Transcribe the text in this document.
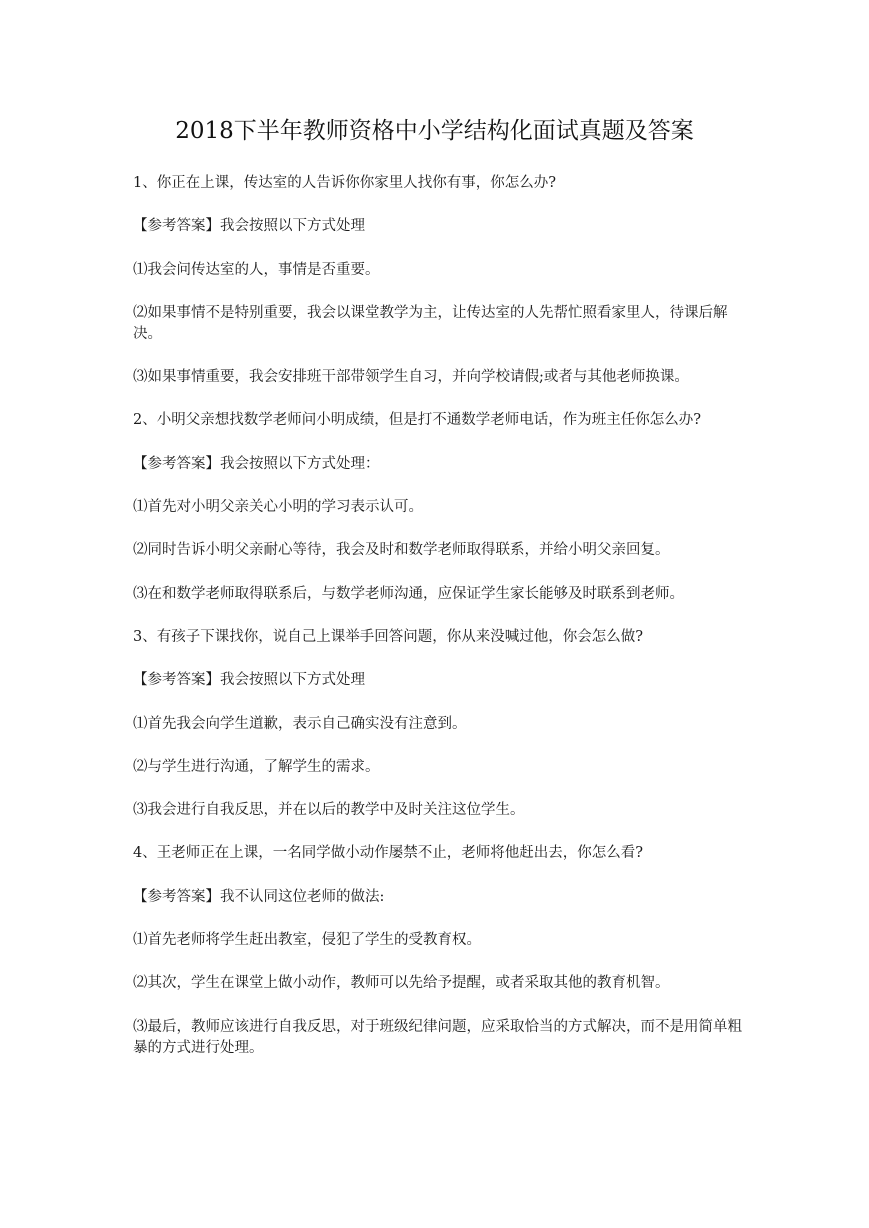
2018下半年教师资格中小学结构化面试真题及答案

1、你正在上课，传达室的人告诉你你家里人找你有事，你怎么办?

【参考答案】我会按照以下方式处理

⑴我会问传达室的人，事情是否重要。

⑵如果事情不是特别重要，我会以课堂教学为主，让传达室的人先帮忙照看家里人，待课后解决。

⑶如果事情重要，我会安排班干部带领学生自习，并向学校请假;或者与其他老师换课。

2、小明父亲想找数学老师问小明成绩，但是打不通数学老师电话，作为班主任你怎么办?

【参考答案】我会按照以下方式处理：

⑴首先对小明父亲关心小明的学习表示认可。

⑵同时告诉小明父亲耐心等待，我会及时和数学老师取得联系，并给小明父亲回复。

⑶在和数学老师取得联系后，与数学老师沟通，应保证学生家长能够及时联系到老师。

3、有孩子下课找你，说自己上课举手回答问题，你从来没喊过他，你会怎么做?

【参考答案】我会按照以下方式处理

⑴首先我会向学生道歉，表示自己确实没有注意到。

⑵与学生进行沟通，了解学生的需求。

⑶我会进行自我反思，并在以后的教学中及时关注这位学生。

4、王老师正在上课，一名同学做小动作屡禁不止，老师将他赶出去，你怎么看?

【参考答案】我不认同这位老师的做法:

⑴首先老师将学生赶出教室，侵犯了学生的受教育权。

⑵其次，学生在课堂上做小动作，教师可以先给予提醒，或者采取其他的教育机智。

⑶最后，教师应该进行自我反思，对于班级纪律问题，应采取恰当的方式解决，而不是用简单粗暴的方式进行处理。
